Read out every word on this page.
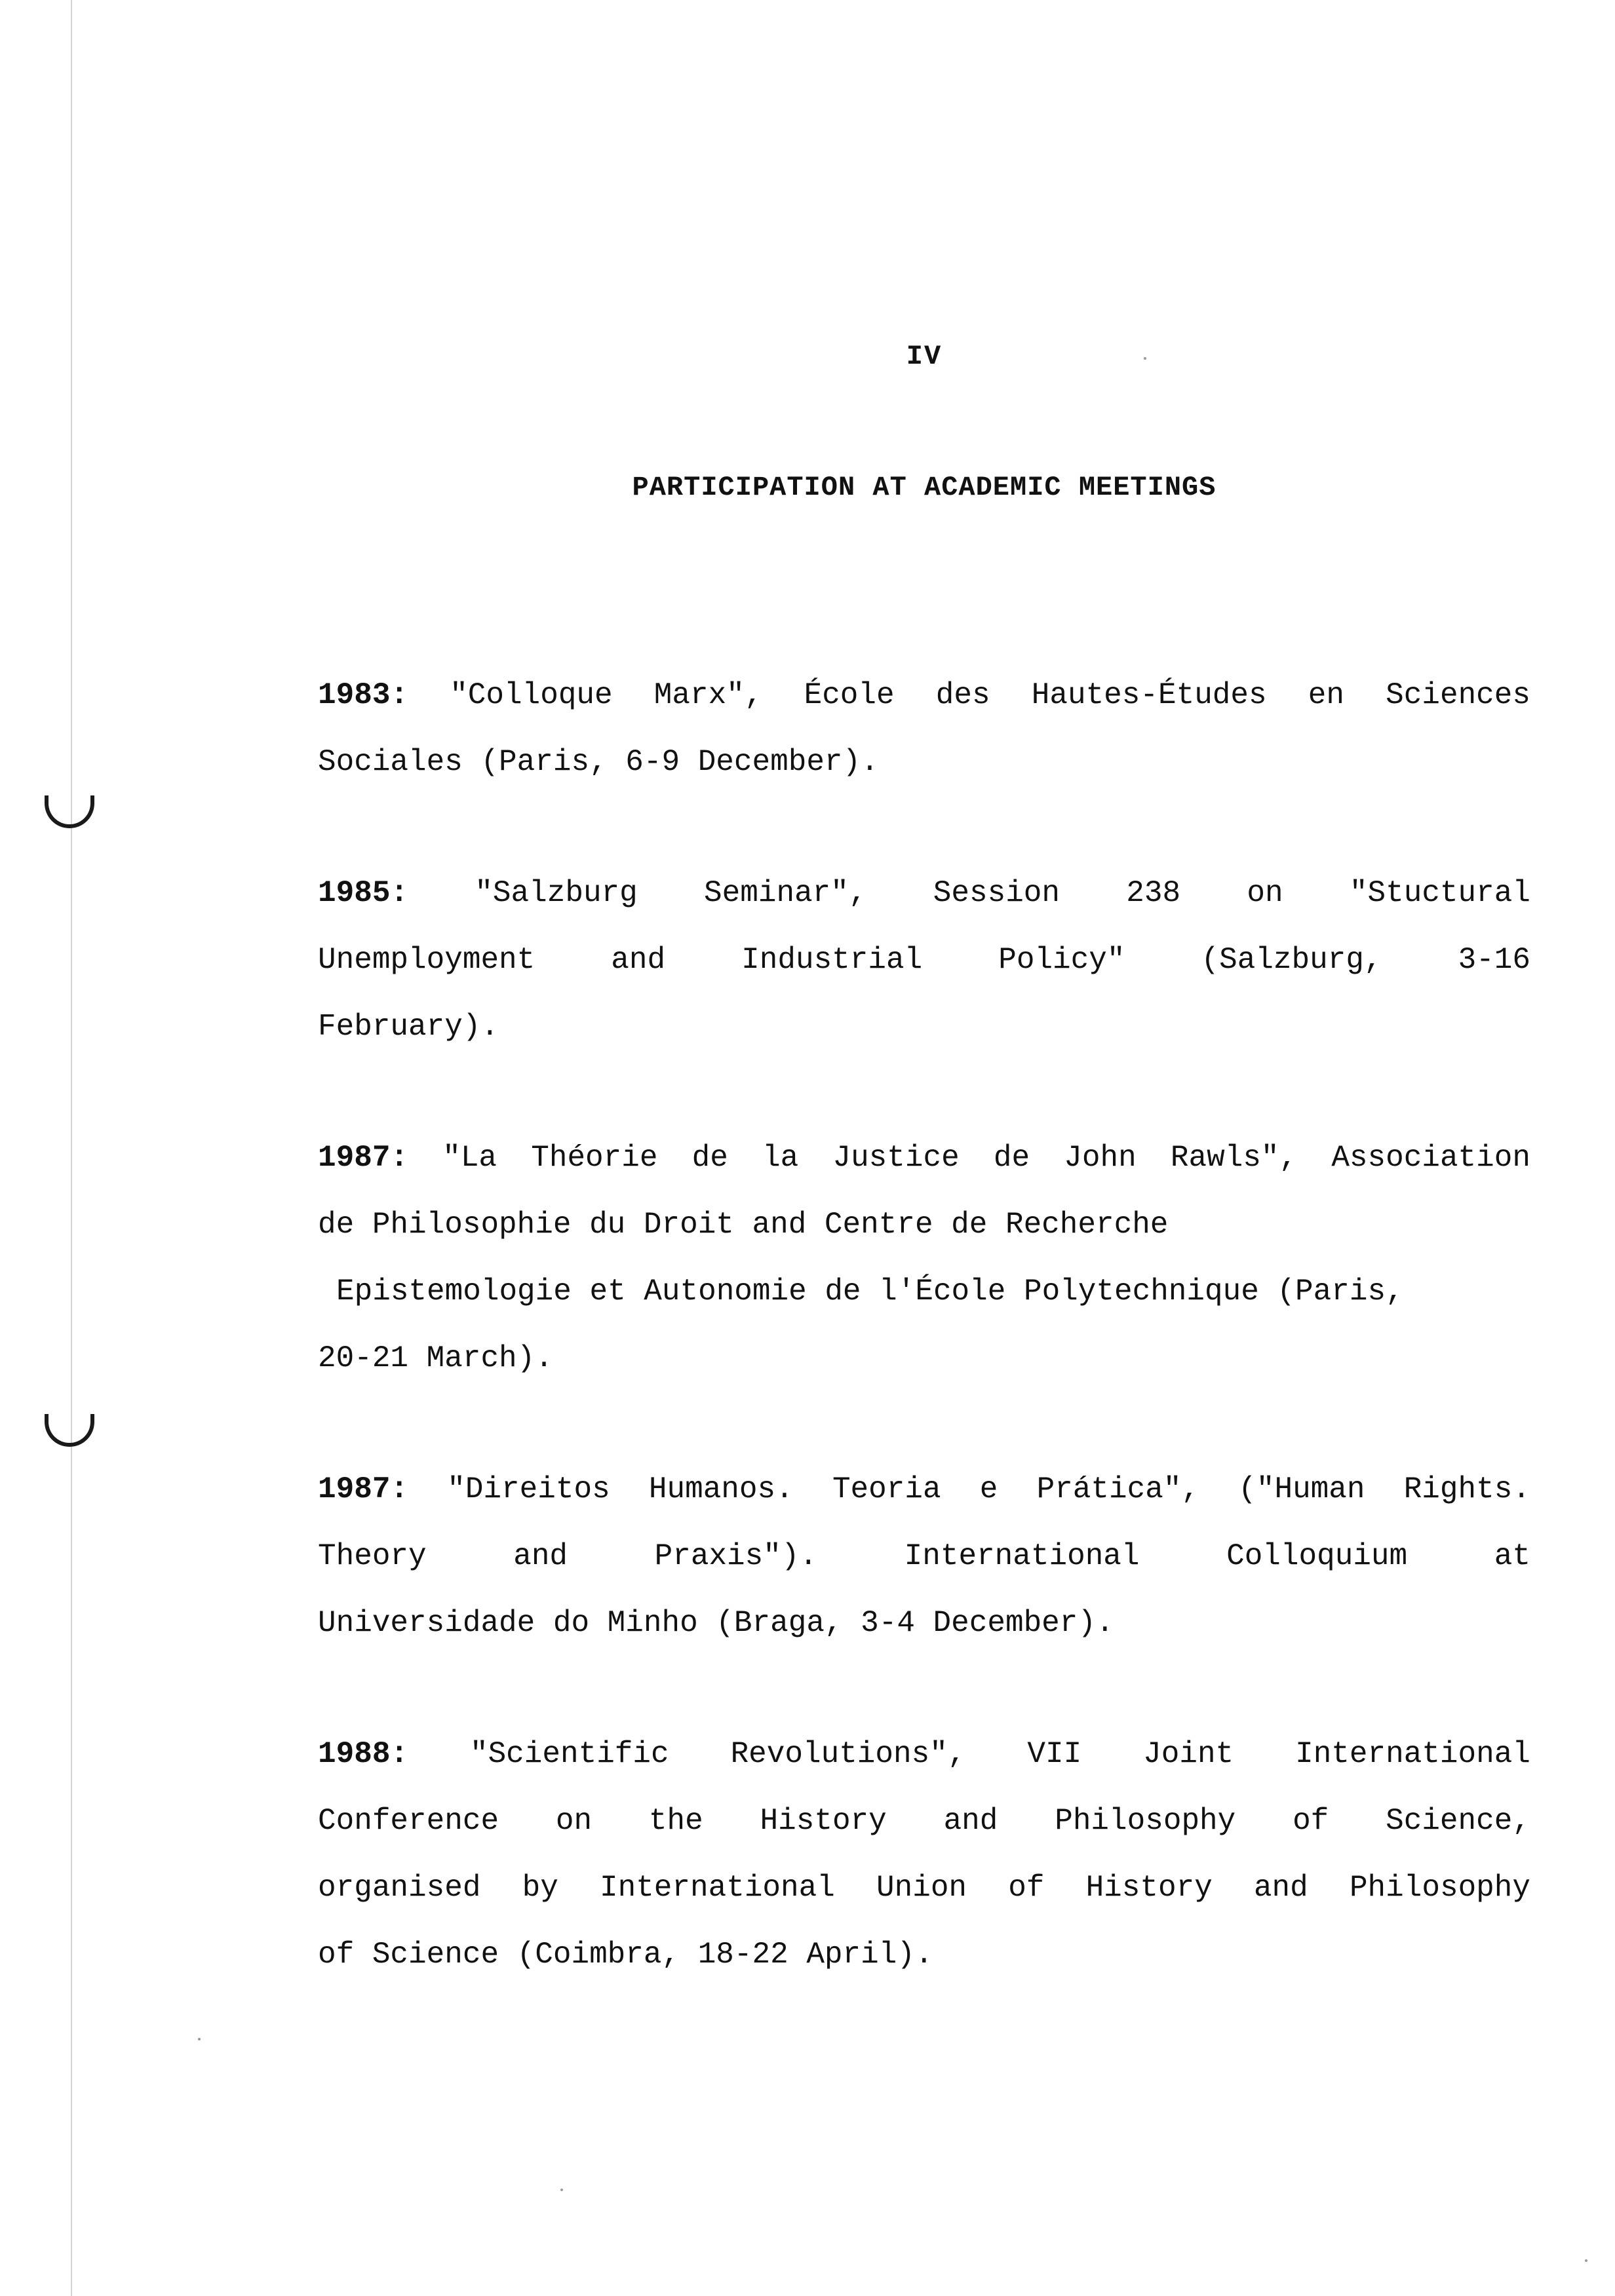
IV
PARTICIPATION AT ACADEMIC MEETINGS
1983: "Colloque Marx", École des Hautes-Études en Sciences
Sociales (Paris, 6-9 December).
1985: "Salzburg Seminar", Session 238 on "Stuctural
Unemployment	and	Industrial	Policy"	(Salzburg,	3-16
February).
1987: "La Théorie de la Justice de John Rawls", Association
de Philosophie du Droit and Centre de Recherche
Epistemologie et Autonomie de l'École Polytechnique (Paris,
20-21 March).
1987: "Direitos Humanos. Teoria e Prática", ("Human Rights.
Theory	and	Praxis").	International	Colloquium	at
Universidade do Minho (Braga, 3-4 December).
1988: "Scientific Revolutions", VII Joint International
Conference on the History and Philosophy of Science,
organised by International Union of History and Philosophy
of Science (Coimbra, 18-22 April).
